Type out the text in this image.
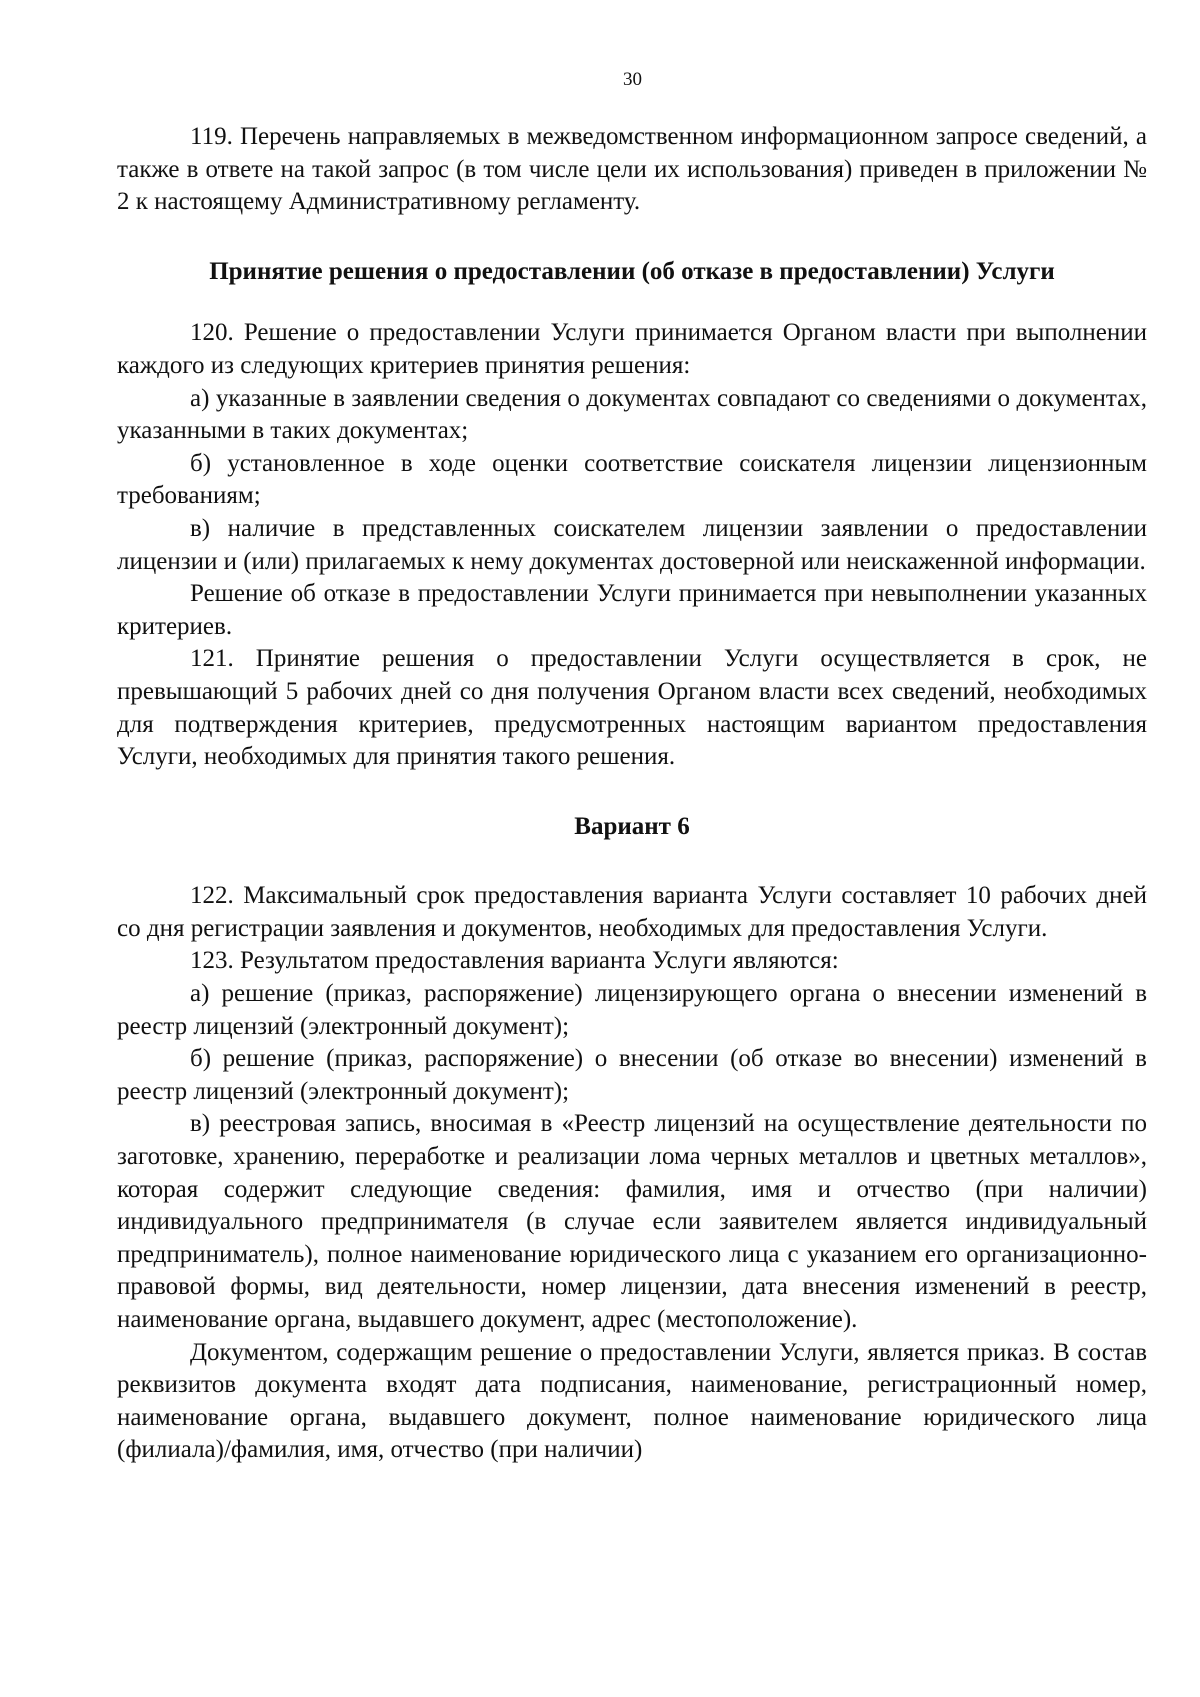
30

119. Перечень направляемых в межведомственном информационном запросе сведений, а также в ответе на такой запрос (в том числе цели их использования) приведен в приложении № 2 к настоящему Административному регламенту.

Принятие решения о предоставлении (об отказе в предоставлении) Услуги

120. Решение о предоставлении Услуги принимается Органом власти при выполнении каждого из следующих критериев принятия решения:

а) указанные в заявлении сведения о документах совпадают со сведениями о документах, указанными в таких документах;

б) установленное в ходе оценки соответствие соискателя лицензии лицензионным требованиям;

в) наличие в представленных соискателем лицензии заявлении о предоставлении лицензии и (или) прилагаемых к нему документах достоверной или неискаженной информации.

Решение об отказе в предоставлении Услуги принимается при невыполнении указанных критериев.

121. Принятие решения о предоставлении Услуги осуществляется в срок, не превышающий 5 рабочих дней со дня получения Органом власти всех сведений, необходимых для подтверждения критериев, предусмотренных настоящим вариантом предоставления Услуги, необходимых для принятия такого решения.

Вариант 6

122. Максимальный срок предоставления варианта Услуги составляет 10 рабочих дней со дня регистрации заявления и документов, необходимых для предоставления Услуги.

123. Результатом предоставления варианта Услуги являются:

а) решение (приказ, распоряжение) лицензирующего органа о внесении изменений в реестр лицензий (электронный документ);

б) решение (приказ, распоряжение) о внесении (об отказе во внесении) изменений в реестр лицензий (электронный документ);

в) реестровая запись, вносимая в «Реестр лицензий на осуществление деятельности по заготовке, хранению, переработке и реализации лома черных металлов и цветных металлов», которая содержит следующие сведения: фамилия, имя и отчество (при наличии) индивидуального предпринимателя (в случае если заявителем является индивидуальный предприниматель), полное наименование юридического лица с указанием его организационно-правовой формы, вид деятельности, номер лицензии, дата внесения изменений в реестр, наименование органа, выдавшего документ, адрес (местоположение).

Документом, содержащим решение о предоставлении Услуги, является приказ. В состав реквизитов документа входят дата подписания, наименование, регистрационный номер, наименование органа, выдавшего документ, полное наименование юридического лица (филиала)/фамилия, имя, отчество (при наличии)
